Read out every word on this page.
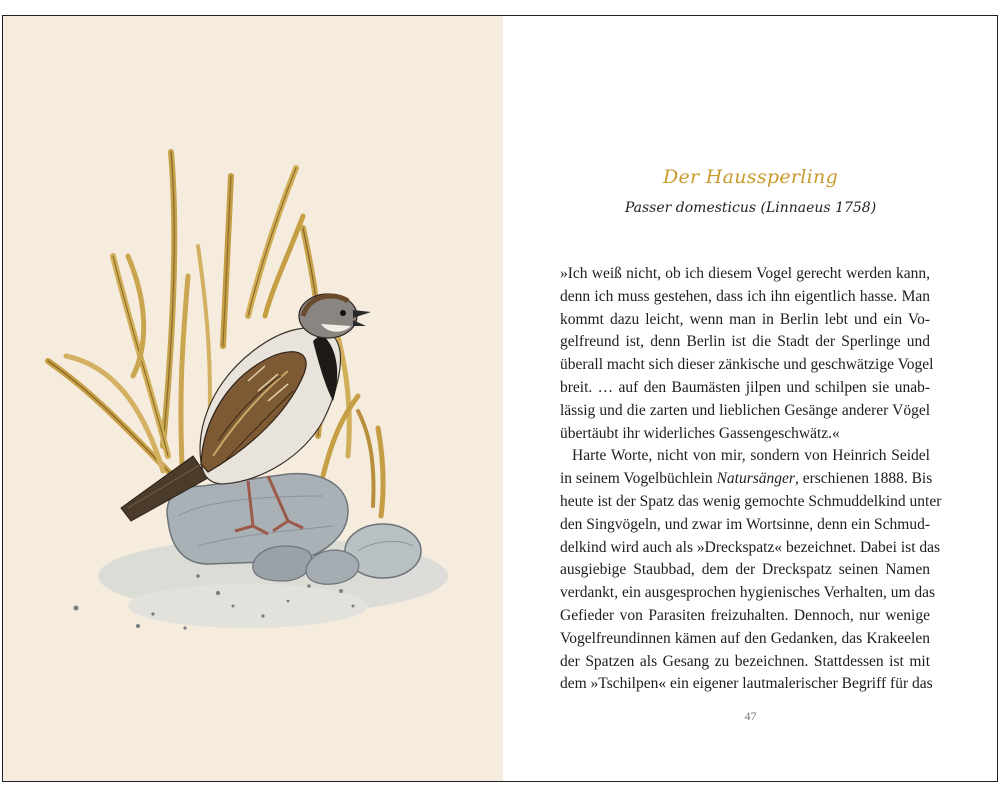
Der Haussperling
Passer domesticus (Linnaeus 1758)
»Ich weiß nicht, ob ich diesem Vogel gerecht werden kann,
denn ich muss gestehen, dass ich ihn eigentlich hasse. Man
kommt dazu leicht, wenn man in Berlin lebt und ein Vo-
gelfreund ist, denn Berlin ist die Stadt der Sperlinge und
überall macht sich dieser zänkische und geschwätzige Vogel
breit. … auf den Baumästen jilpen und schilpen sie unab-
lässig und die zarten und lieblichen Gesänge anderer Vögel
übertäubt ihr widerliches Gassengeschwätz.«
Harte Worte, nicht von mir, sondern von Heinrich Seidel
in seinem Vogelbüchlein Natursänger, erschienen 1888. Bis
heute ist der Spatz das wenig gemochte Schmuddelkind unter
den Singvögeln, und zwar im Wortsinne, denn ein Schmud-
delkind wird auch als »Dreckspatz« bezeichnet. Dabei ist das
ausgiebige Staubbad, dem der Dreckspatz seinen Namen
verdankt, ein ausgesprochen hygienisches Verhalten, um das
Gefieder von Parasiten freizuhalten. Dennoch, nur wenige
Vogelfreundinnen kämen auf den Gedanken, das Krakeelen
der Spatzen als Gesang zu bezeichnen. Stattdessen ist mit
dem »Tschilpen« ein eigener lautmalerischer Begriff für das
47
